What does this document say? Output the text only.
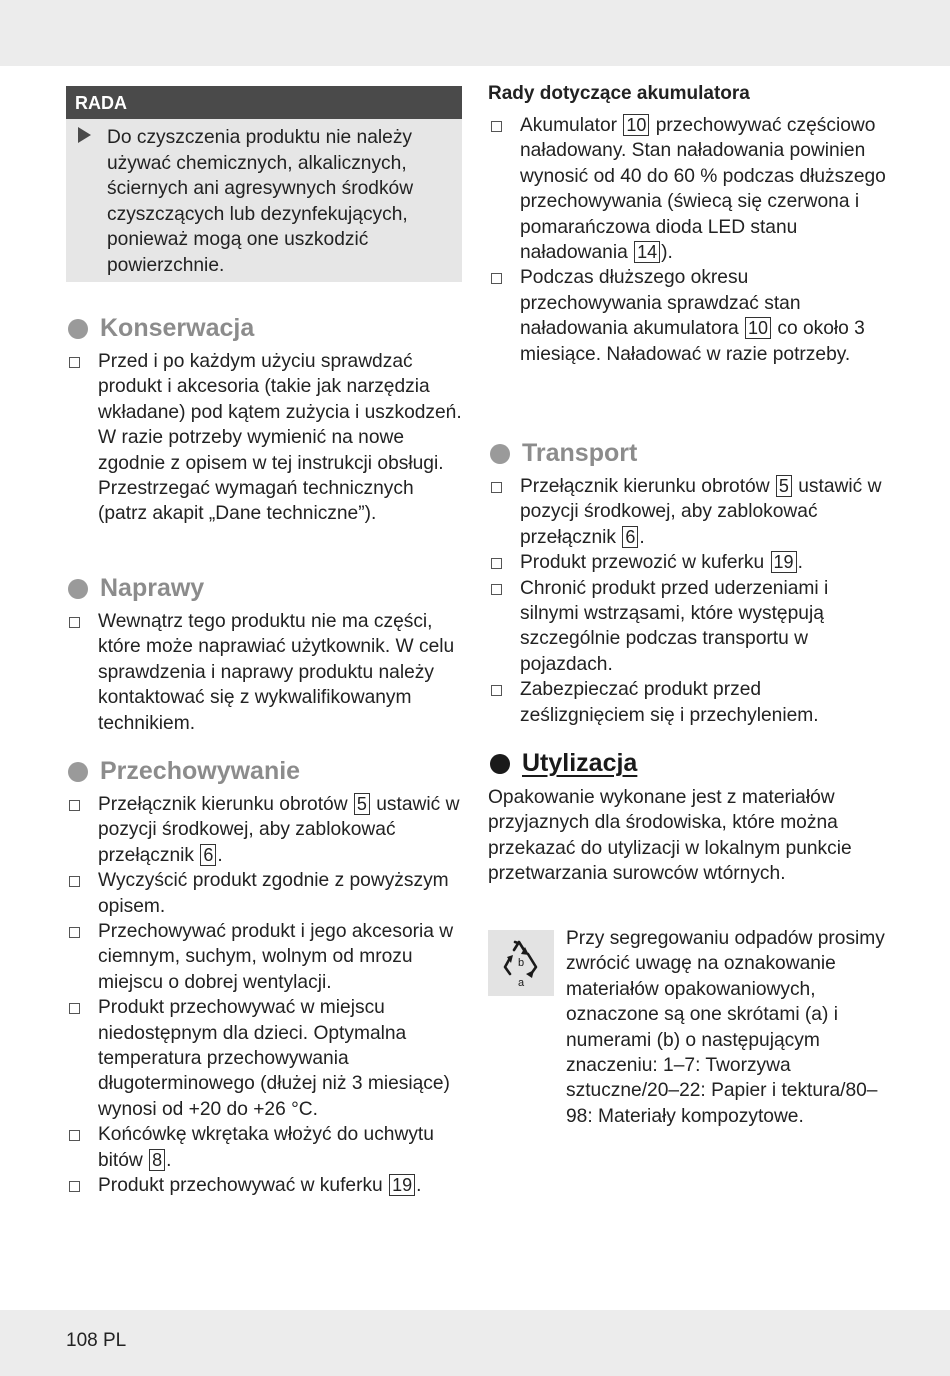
RADA
Do czyszczenia produktu nie należy używać chemicznych, alkalicznych, ściernych ani agresywnych środków czyszczących lub dezynfekujących, ponieważ mogą one uszkodzić powierzchnie.
Konserwacja
Przed i po każdym użyciu sprawdzać produkt i akcesoria (takie jak narzędzia wkładane) pod kątem zużycia i uszkodzeń. W razie potrzeby wymienić na nowe zgodnie z opisem w tej instrukcji obsługi. Przestrzegać wymagań technicznych (patrz akapit „Dane techniczne”).
Naprawy
Wewnątrz tego produktu nie ma części, które może naprawiać użytkownik. W celu sprawdzenia i naprawy produktu należy kontaktować się z wykwalifikowanym technikiem.
Przechowywanie
Przełącznik kierunku obrotów 5 ustawić w pozycji środkowej, aby zablokować przełącznik 6 .
Wyczyścić produkt zgodnie z powyższym opisem.
Przechowywać produkt i jego akcesoria w ciemnym, suchym, wolnym od mrozu miejscu o dobrej wentylacji.
Produkt przechowywać w miejscu niedostępnym dla dzieci. Optymalna temperatura przechowywania długoterminowego (dłużej niż 3 miesiące) wynosi od +20 do +26 °C.
Końcówkę wkrętaka włożyć do uchwytu bitów 8 .
Produkt przechowywać w kuferku 19 .
Rady dotyczące akumulatora
Akumulator 10 przechowywać częściowo naładowany. Stan naładowania powinien wynosić od 40 do 60 % podczas dłuższego przechowywania (świecą się czerwona i pomarańczowa dioda LED stanu naładowania 14 ).
Podczas dłuższego okresu przechowywania sprawdzać stan naładowania akumulatora 10 co około 3 miesiące. Naładować w razie potrzeby.
Transport
Przełącznik kierunku obrotów 5 ustawić w pozycji środkowej, aby zablokować przełącznik 6 .
Produkt przewozić w kuferku 19 .
Chronić produkt przed uderzeniami i silnymi wstrząsami, które występują szczególnie podczas transportu w pojazdach.
Zabezpieczać produkt przed ześlizgnięciem się i przechyleniem.
Utylizacja
Opakowanie wykonane jest z materiałów przyjaznych dla środowiska, które można przekazać do utylizacji w lokalnym punkcie przetwarzania surowców wtórnych.
b
a
Przy segregowaniu odpadów prosimy zwrócić uwagę na oznakowanie materiałów opakowaniowych, oznaczone są one skrótami (a) i numerami (b) o następującym znaczeniu: 1–7: Tworzywa sztuczne/20–22: Papier i tektura/80–98: Materiały kompozytowe.
108 PL
